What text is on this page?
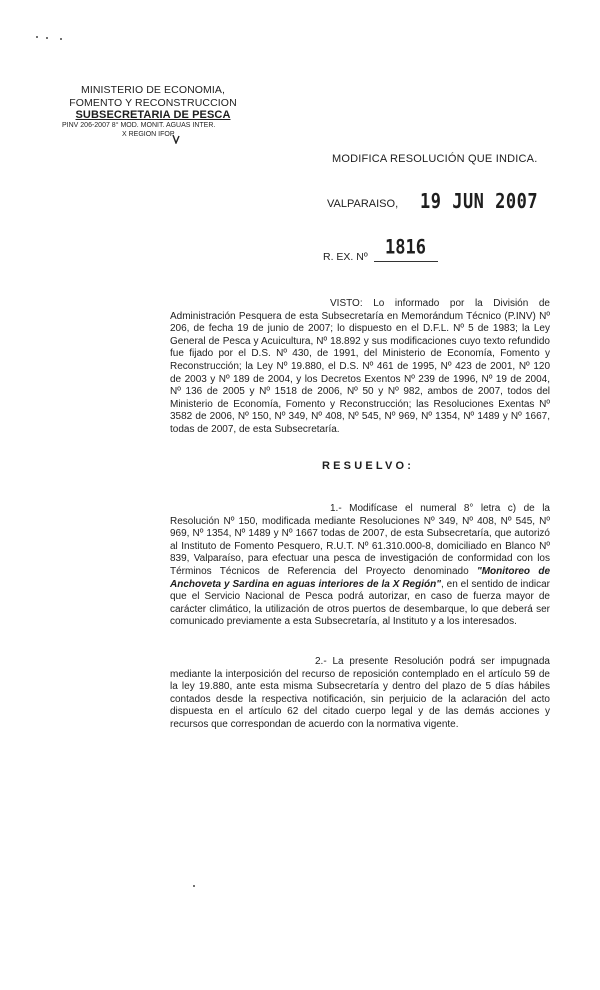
MINISTERIO DE ECONOMIA,
FOMENTO Y RECONSTRUCCION
SUBSECRETARIA DE PESCA
PINV 206-2007 8° MOD. MONIT. AGUAS INTER.
X REGION IFOP
MODIFICA RESOLUCIÓN QUE INDICA.
VALPARAISO, 19 JUN 2007
1816
R. EX. Nº
VISTO: Lo informado por la División de Administración Pesquera de esta Subsecretaría en Memorándum Técnico (P.INV) Nº 206, de fecha 19 de junio de 2007; lo dispuesto en el D.F.L. Nº 5 de 1983; la Ley General de Pesca y Acuicultura, Nº 18.892 y sus modificaciones cuyo texto refundido fue fijado por el D.S. Nº 430, de 1991, del Ministerio de Economía, Fomento y Reconstrucción; la Ley Nº 19.880, el D.S. Nº 461 de 1995, Nº 423 de 2001, Nº 120 de 2003 y Nº 189 de 2004, y los Decretos Exentos Nº 239 de 1996, Nº 19 de 2004, Nº 136 de 2005 y Nº 1518 de 2006, Nº 50 y Nº 982, ambos de 2007, todos del Ministerio de Economía, Fomento y Reconstrucción; las Resoluciones Exentas Nº 3582 de 2006, Nº 150, Nº 349, Nº 408, Nº 545, Nº 969, Nº 1354, Nº 1489 y Nº 1667, todas de 2007, de esta Subsecretaría.
RESUELVO:
1.- Modifícase el numeral 8° letra c) de la Resolución Nº 150, modificada mediante Resoluciones Nº 349, Nº 408, Nº 545, Nº 969, Nº 1354, Nº 1489 y Nº 1667 todas de 2007, de esta Subsecretaría, que autorizó al Instituto de Fomento Pesquero, R.U.T. Nº 61.310.000-8, domiciliado en Blanco Nº 839, Valparaíso, para efectuar una pesca de investigación de conformidad con los Términos Técnicos de Referencia del Proyecto denominado "Monitoreo de Anchoveta y Sardina en aguas interiores de la X Región", en el sentido de indicar que el Servicio Nacional de Pesca podrá autorizar, en caso de fuerza mayor de carácter climático, la utilización de otros puertos de desembarque, lo que deberá ser comunicado previamente a esta Subsecretaría, al Instituto y a los interesados.
2.- La presente Resolución podrá ser impugnada mediante la interposición del recurso de reposición contemplado en el artículo 59 de la ley 19.880, ante esta misma Subsecretaría y dentro del plazo de 5 días hábiles contados desde la respectiva notificación, sin perjuicio de la aclaración del acto dispuesta en el artículo 62 del citado cuerpo legal y de las demás acciones y recursos que correspondan de acuerdo con la normativa vigente.
